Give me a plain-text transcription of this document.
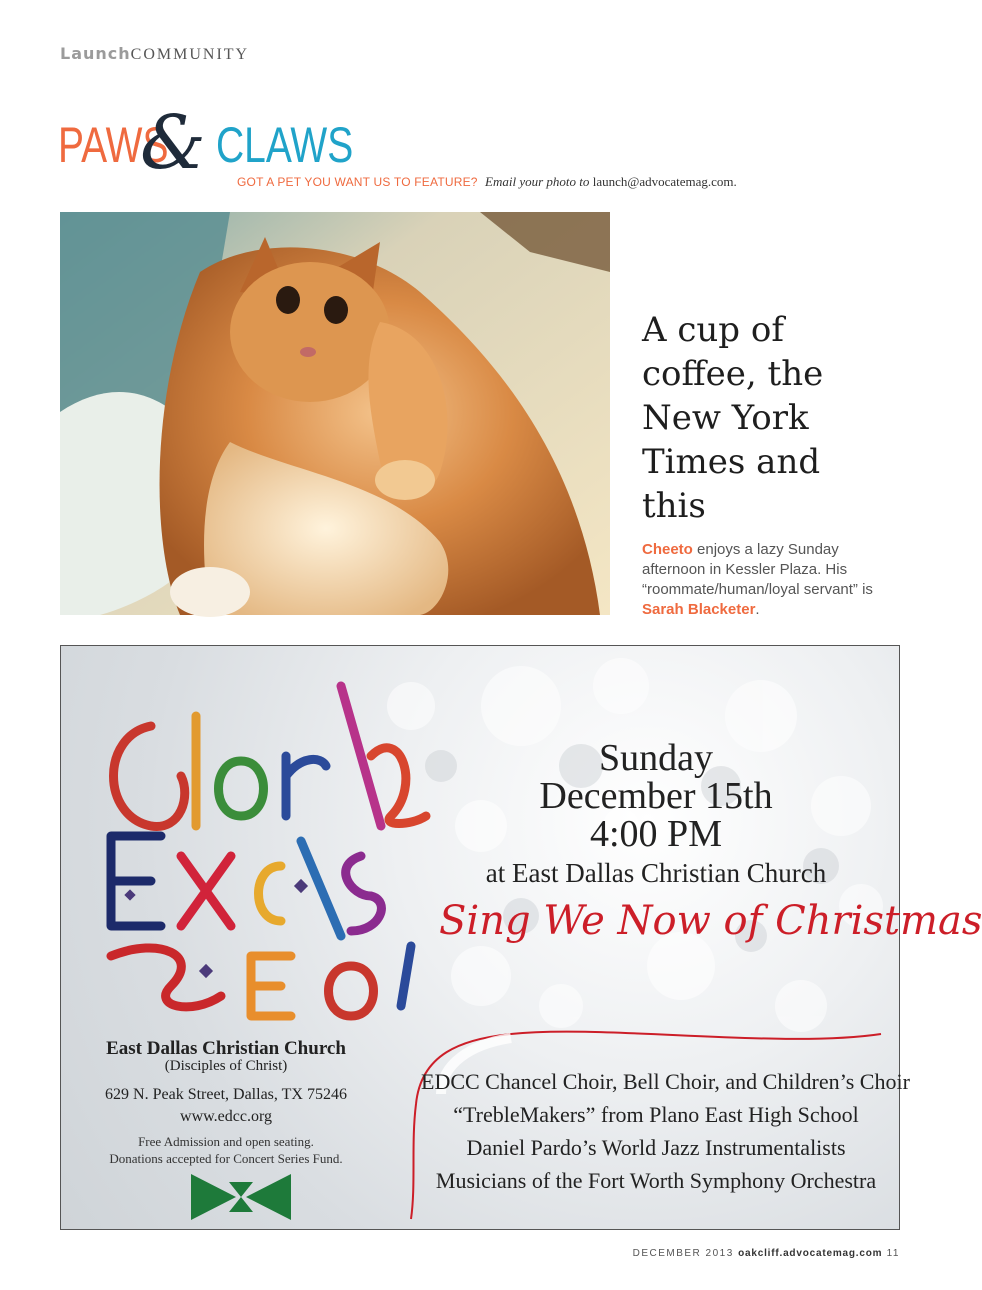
LaunchCOMMUNITY
PAWS
& CLAWS
GOT A PET YOU WANT US TO FEATURE? Email your photo to launch@advocatemag.com.
A cup of coffee, the New York Times and this
Cheeto enjoys a lazy Sunday afternoon in Kessler Plaza. His “roommate/human/loyal servant” is Sarah Blacketer.
Sunday
December 15th
4:00 PM
at East Dallas Christian Church
Sing We Now of Christmas
East Dallas Christian Church
(Disciples of Christ)
629 N. Peak Street, Dallas, TX 75246
www.edcc.org
Free Admission and open seating.
Donations accepted for Concert Series Fund.
EDCC Chancel Choir, Bell Choir, and Children’s Choir
“TrebleMakers” from Plano East High School
Daniel Pardo’s World Jazz Instrumentalists
Musicians of the Fort Worth Symphony Orchestra
DECEMBER 2013 oakcliff.advocatemag.com 11
